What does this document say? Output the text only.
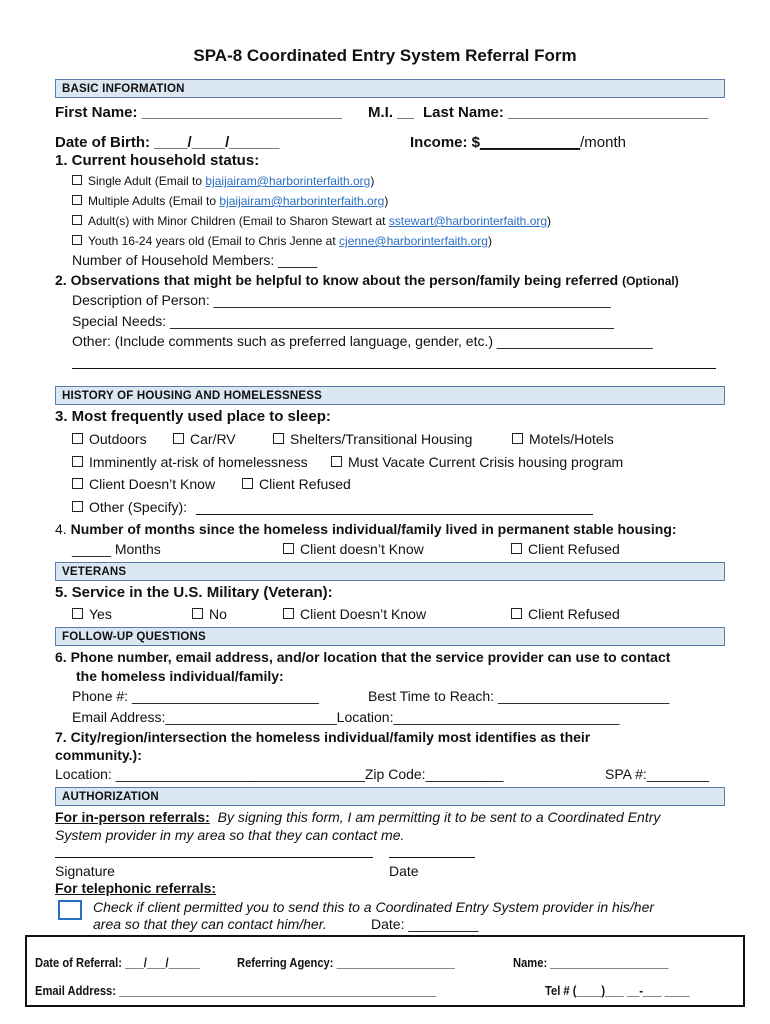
SPA-8 Coordinated Entry System Referral Form
BASIC INFORMATION
First Name: ________________________ M.I. __ Last Name: ________________________
Date of Birth: ____/____/______	Income: $____________/month
1. Current household status:
Single Adult (Email to bjaijairam@harborinterfaith.org)
Multiple Adults (Email to bjaijairam@harborinterfaith.org)
Adult(s) with Minor Children (Email to Sharon Stewart at sstewart@harborinterfaith.org)
Youth 16-24 years old (Email to Chris Jenne at cjenne@harborinterfaith.org)
Number of Household Members: _____
2. Observations that might be helpful to know about the person/family being referred (Optional)
Description of Person: ___________________________________________________
Special Needs: _________________________________________________________
Other: (Include comments such as preferred language, gender, etc.) ____________________
HISTORY OF HOUSING AND HOMELESSNESS
3. Most frequently used place to sleep:
Outdoors	Car/RV	Shelters/Transitional Housing	Motels/Hotels
Imminently at-risk of homelessness	Must Vacate Current Crisis housing program
Client Doesn’t Know	Client Refused
Other (Specify):
4. Number of months since the homeless individual/family lived in permanent stable housing:
_____ Months	Client doesn’t Know	Client Refused
VETERANS
5. Service in the U.S. Military (Veteran):
Yes	No	Client Doesn’t Know	Client Refused
FOLLOW-UP QUESTIONS
6. Phone number, email address, and/or location that the service provider can use to contact
the homeless individual/family:
Phone #: ________________________	Best Time to Reach: ______________________
Email Address:______________________Location:_____________________________
7. City/region/intersection the homeless individual/family most identifies as their
community.):
Location: ________________________________Zip Code:__________	SPA #:________
AUTHORIZATION
For in-person referrals: By signing this form, I am permitting it to be sent to a Coordinated Entry
System provider in my area so that they can contact me.
Signature	Date
For telephonic referrals:
Check if client permitted you to send this to a Coordinated Entry System provider in his/her
area so that they can contact him/her.	Date: _________
Date of Referral: ___/___/_____	Referring Agency: ___________________	Name: ___________________
Email Address: ___________________________________________________	Tel # (____)___ __-___ ____
